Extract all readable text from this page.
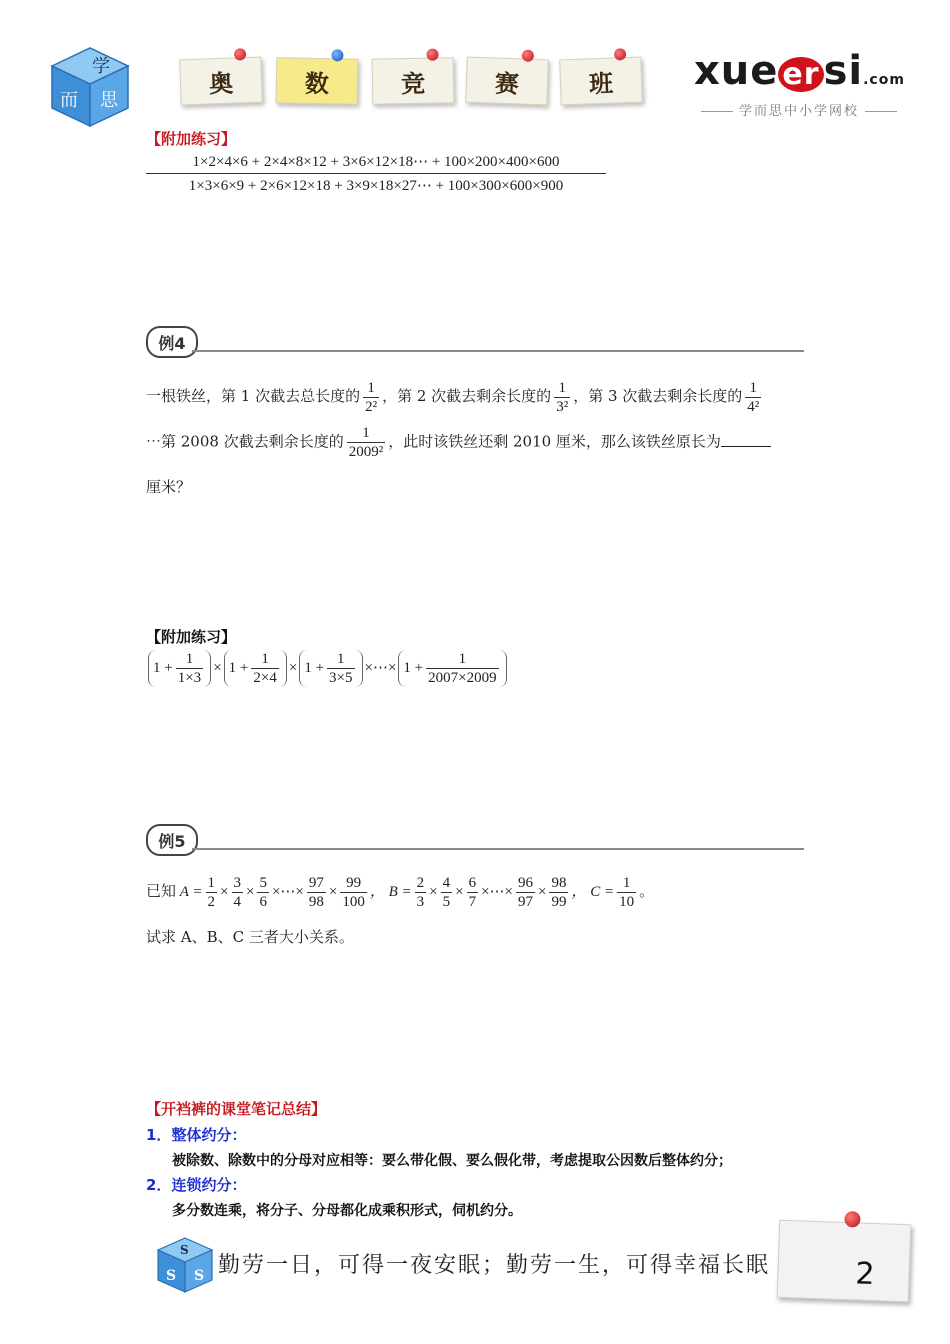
学
而 思
奥	数	竞	赛	班 xue er si.com
学而思中小学网校
【附加练习】
$\frac{1\times 2\times 4\times 6 + 2\times 4\times 8\times 12 + 3\times 6\times 12\times 18\cdots + 100\times 200\times 400\times 600}{1\times 3\times 6\times 9 + 2\times 6\times 12\times 18 + 3\times 9\times 18\times 27\cdots + 100\times 300\times 600\times 900}$
例4
一根铁丝，第 1 次截去总长度的 $\frac{1}{\text{2²}}$ ，第 2 次截去剩余长度的 $\frac{1}{\text{3²}}$ ，第 3 次截去剩余长度的 $\frac{1}{\text{4²}}$
⋯第 2008 次截去剩余长度的 $\frac{1}{\text{2009²}}$ ，此时该铁丝还剩 2010 厘米，那么该铁丝原长为
厘米？
【附加练习】
$1 + \frac{1}{1\times 3} \times 1 + \frac{1}{2\times 4} \times 1 + \frac{1}{3\times 5}$ ×⋯× $1 + \frac{1}{2007\times 2009}$
例5
已知 $A = \frac{1}{2} \times \frac{3}{4} \times \frac{5}{6}$ ×⋯× $\frac{97}{98} \times \frac{99}{100}$ ， $B = \frac{2}{3} \times \frac{4}{5} \times \frac{6}{7}$ ×⋯× $\frac{96}{97} \times \frac{98}{99}$ ， $C = \frac{1}{10}$ 。
试求 A、B、C 三者大小关系。
【开裆裤的课堂笔记总结】
1．整体约分：
被除数、除数中的分母对应相等：要么带化假、要么假化带，考虑提取公因数后整体约分；
2．连锁约分：
多分数连乘，将分子、分母都化成乘积形式，伺机约分。
S
S S 勤劳一日，可得一夜安眠；勤劳一生，可得幸福长眠	2
